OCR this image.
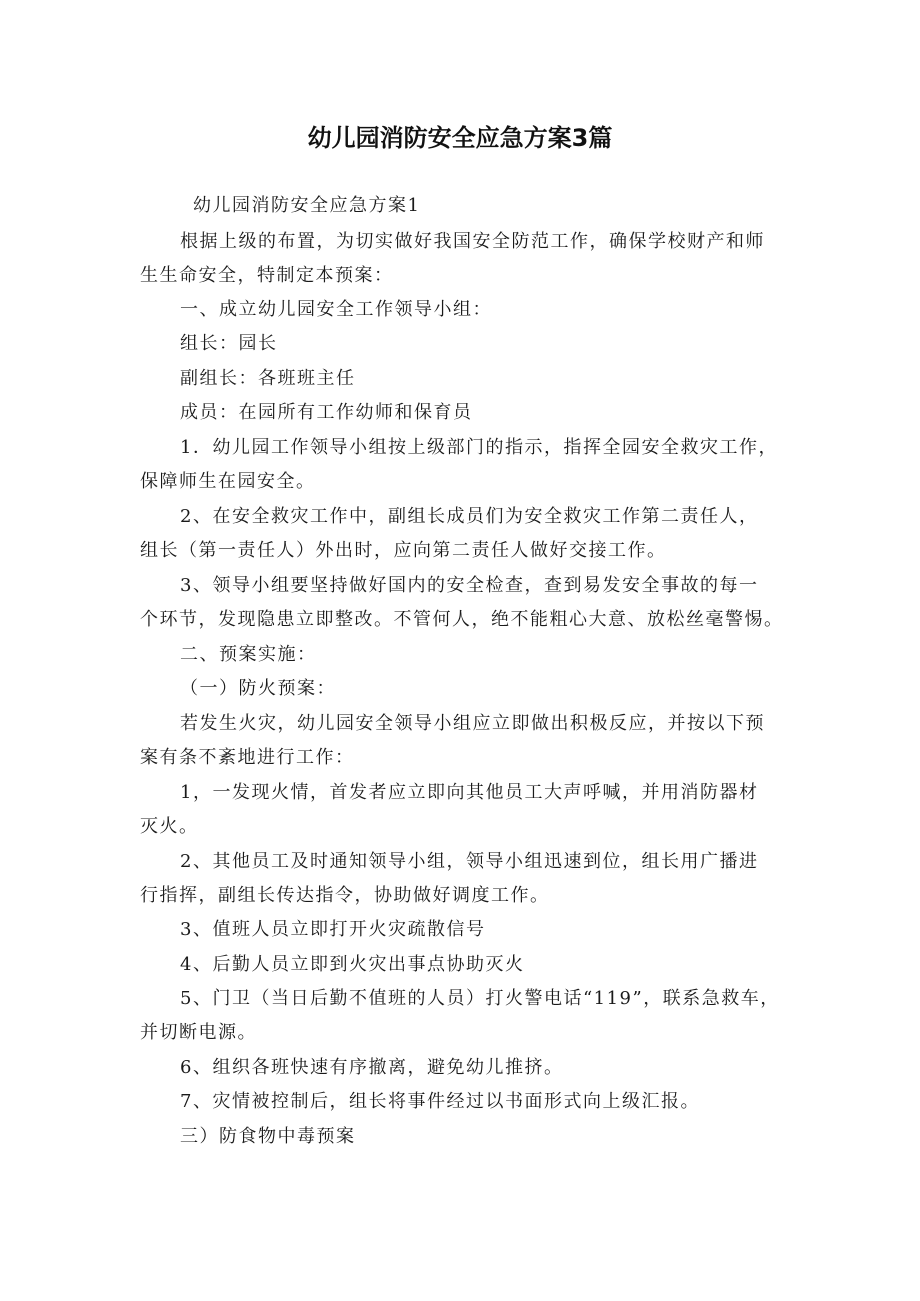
幼儿园消防安全应急方案3篇
幼儿园消防安全应急方案1
根据上级的布置，为切实做好我国安全防范工作，确保学校财产和师
生生命安全，特制定本预案：
一、成立幼儿园安全工作领导小组：
组长：园长
副组长：各班班主任
成员：在园所有工作幼师和保育员
1．幼儿园工作领导小组按上级部门的指示，指挥全园安全救灾工作，
保障师生在园安全。
2、在安全救灾工作中，副组长成员们为安全救灾工作第二责任人，
组长（第一责任人）外出时，应向第二责任人做好交接工作。
3、领导小组要坚持做好国内的安全检查，查到易发安全事故的每一
个环节，发现隐患立即整改。不管何人，绝不能粗心大意、放松丝毫警惕。
二、预案实施：
（一）防火预案：
若发生火灾，幼儿园安全领导小组应立即做出积极反应，并按以下预
案有条不紊地进行工作：
1，一发现火情，首发者应立即向其他员工大声呼喊，并用消防器材
灭火。
2、其他员工及时通知领导小组，领导小组迅速到位，组长用广播进
行指挥，副组长传达指令，协助做好调度工作。
3、值班人员立即打开火灾疏散信号
4、后勤人员立即到火灾出事点协助灭火
5、门卫（当日后勤不值班的人员）打火警电话“119”，联系急救车，
并切断电源。
6、组织各班快速有序撤离，避免幼儿推挤。
7、灾情被控制后，组长将事件经过以书面形式向上级汇报。
三）防食物中毒预案
